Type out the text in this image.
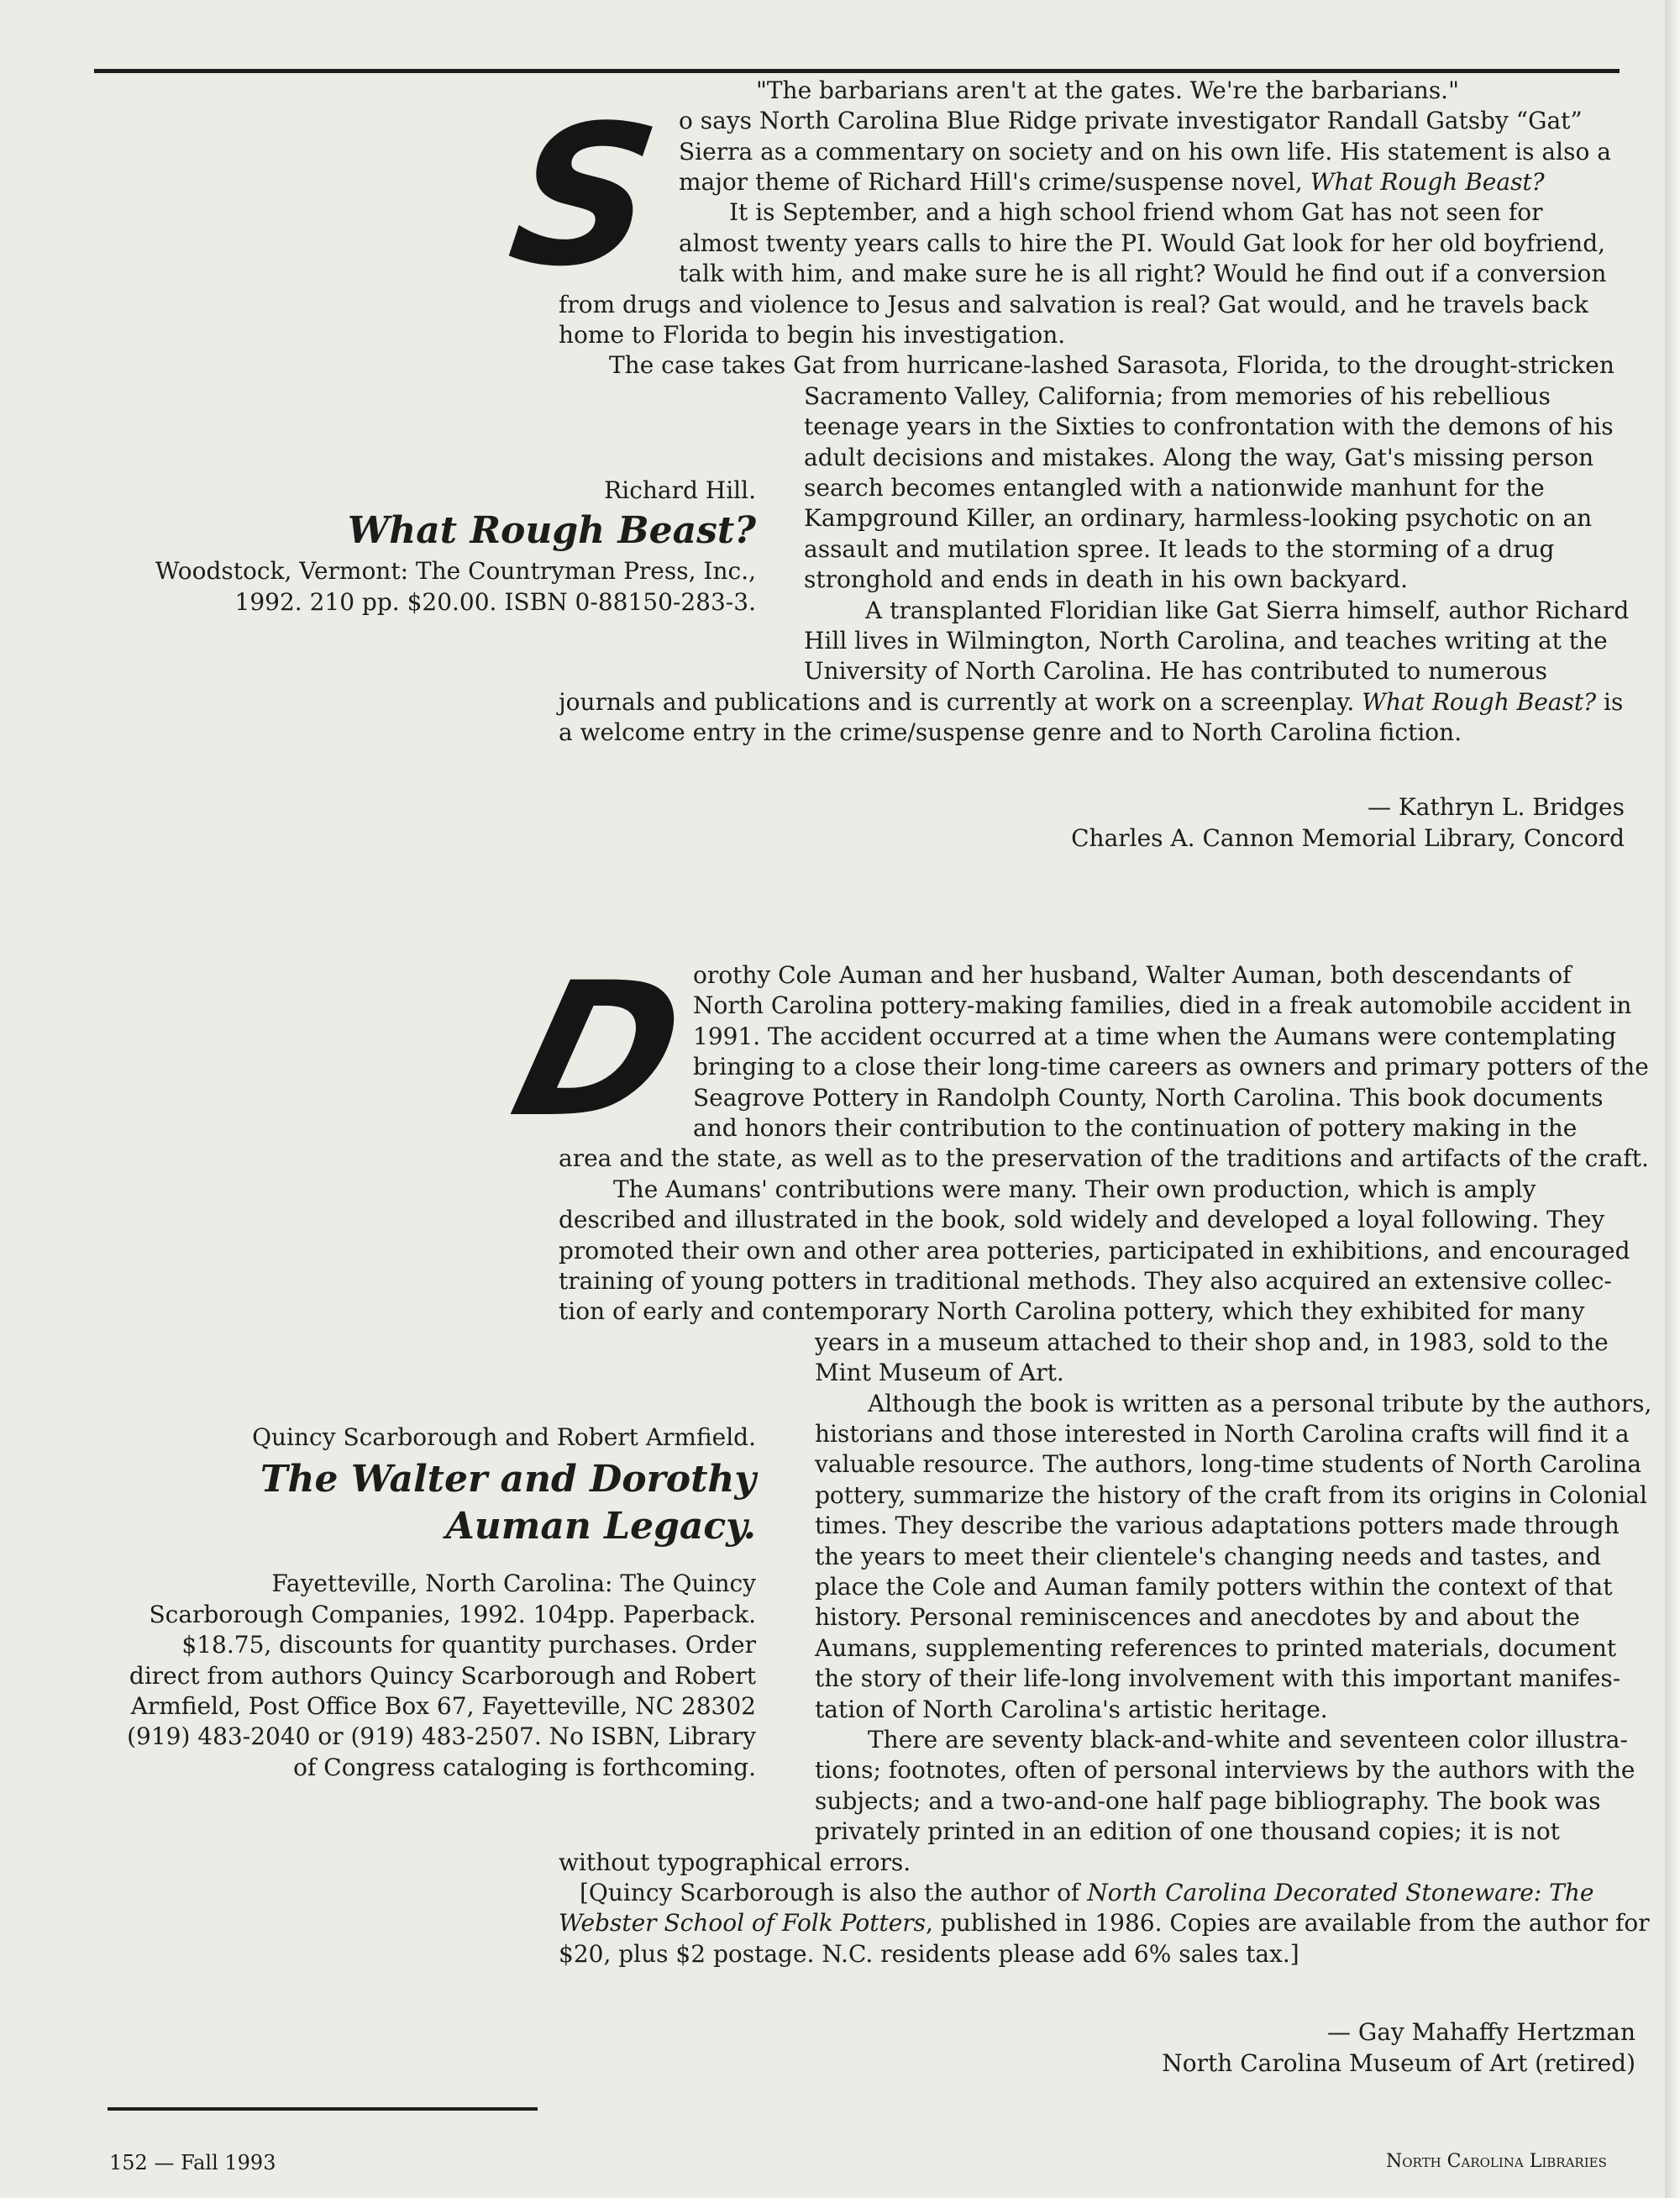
S	"The barbarians aren't at the gates. We're the barbarians."
o says North Carolina Blue Ridge private investigator Randall Gatsby “Gat”
Sierra as a commentary on society and on his own life. His statement is also a
major theme of Richard Hill's crime/suspense novel, What Rough Beast?
It is September, and a high school friend whom Gat has not seen for
almost twenty years calls to hire the PI. Would Gat look for her old boyfriend,
talk with him, and make sure he is all right? Would he find out if a conversion
from drugs and violence to Jesus and salvation is real? Gat would, and he travels back
home to Florida to begin his investigation.
The case takes Gat from hurricane-lashed Sarasota, Florida, to the drought-stricken
Sacramento Valley, California; from memories of his rebellious
teenage years in the Sixties to confrontation with the demons of his
adult decisions and mistakes. Along the way, Gat's missing person
search becomes entangled with a nationwide manhunt for the
Kampground Killer, an ordinary, harmless-looking psychotic on an
assault and mutilation spree. It leads to the storming of a drug
stronghold and ends in death in his own backyard.
A transplanted Floridian like Gat Sierra himself, author Richard
Hill lives in Wilmington, North Carolina, and teaches writing at the
University of North Carolina. He has contributed to numerous
journals and publications and is currently at work on a screenplay. What Rough Beast? is
a welcome entry in the crime/suspense genre and to North Carolina fiction.
Richard Hill.
What Rough Beast?
Woodstock, Vermont: The Countryman Press, Inc.,
1992. 210 pp. $20.00. ISBN 0-88150-283-3.
— Kathryn L. Bridges
Charles A. Cannon Memorial Library, Concord
D
orothy Cole Auman and her husband, Walter Auman, both descendants of
North Carolina pottery-making families, died in a freak automobile accident in
1991. The accident occurred at a time when the Aumans were contemplating
bringing to a close their long-time careers as owners and primary potters of the
Seagrove Pottery in Randolph County, North Carolina. This book documents
and honors their contribution to the continuation of pottery making in the
area and the state, as well as to the preservation of the traditions and artifacts of the craft.
The Aumans' contributions were many. Their own production, which is amply
described and illustrated in the book, sold widely and developed a loyal following. They
promoted their own and other area potteries, participated in exhibitions, and encouraged
training of young potters in traditional methods. They also acquired an extensive collec-
tion of early and contemporary North Carolina pottery, which they exhibited for many
years in a museum attached to their shop and, in 1983, sold to the
Mint Museum of Art.
Although the book is written as a personal tribute by the authors,
historians and those interested in North Carolina crafts will find it a
valuable resource. The authors, long-time students of North Carolina
pottery, summarize the history of the craft from its origins in Colonial
times. They describe the various adaptations potters made through
the years to meet their clientele's changing needs and tastes, and
place the Cole and Auman family potters within the context of that
history. Personal reminiscences and anecdotes by and about the
Aumans, supplementing references to printed materials, document
the story of their life-long involvement with this important manifes-
tation of North Carolina's artistic heritage.
There are seventy black-and-white and seventeen color illustra-
tions; footnotes, often of personal interviews by the authors with the
subjects; and a two-and-one half page bibliography. The book was
privately printed in an edition of one thousand copies; it is not
without typographical errors.
[Quincy Scarborough is also the author of North Carolina Decorated Stoneware: The
Webster School of Folk Potters, published in 1986. Copies are available from the author for
$20, plus $2 postage. N.C. residents please add 6% sales tax.]
Quincy Scarborough and Robert Armfield.
The Walter and Dorothy
Auman Legacy.
Fayetteville, North Carolina: The Quincy
Scarborough Companies, 1992. 104pp. Paperback.
$18.75, discounts for quantity purchases. Order
direct from authors Quincy Scarborough and Robert
Armfield, Post Office Box 67, Fayetteville, NC 28302
(919) 483-2040 or (919) 483-2507. No ISBN, Library
of Congress cataloging is forthcoming.
— Gay Mahaffy Hertzman
North Carolina Museum of Art (retired)
152 — Fall 1993	North Carolina Libraries
